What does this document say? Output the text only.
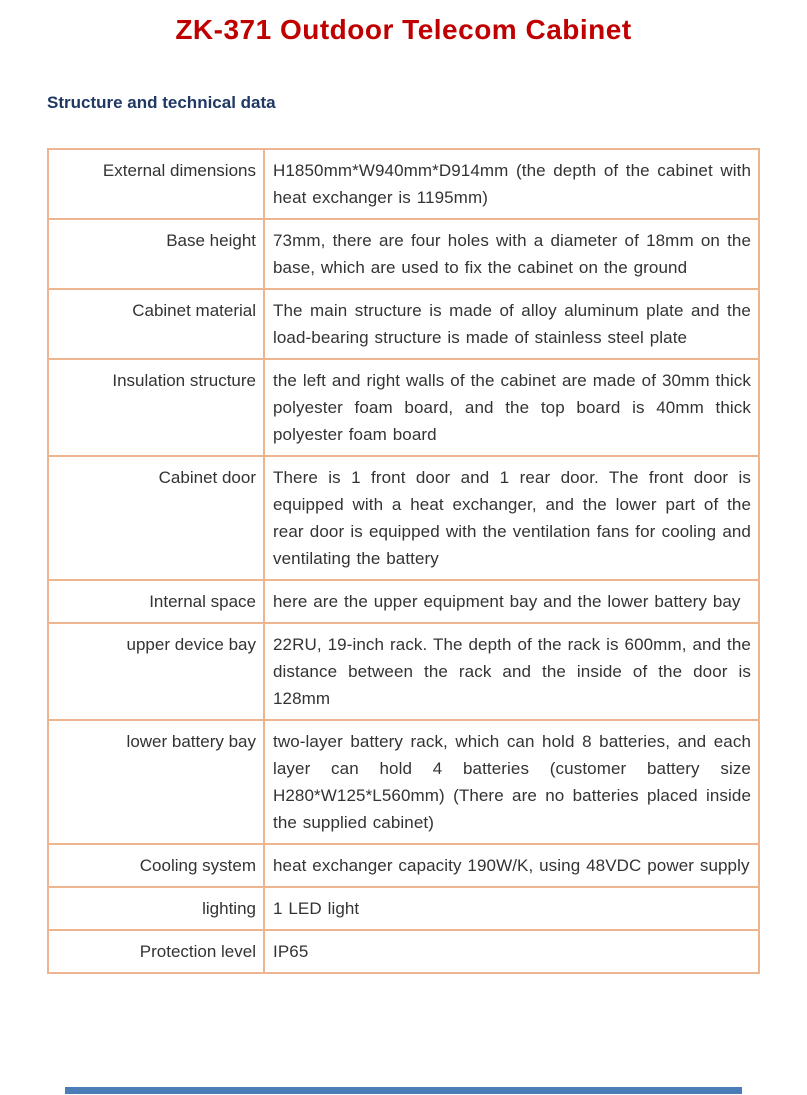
ZK-371 Outdoor Telecom Cabinet
Structure and technical data
External dimensions	H1850mm*W940mm*D914mm (the depth of the cabinet with heat exchanger is 1195mm)
Base height	73mm, there are four holes with a diameter of 18mm on the base, which are used to fix the cabinet on the ground
Cabinet material	The main structure is made of alloy aluminum plate and the load-bearing structure is made of stainless steel plate
Insulation structure	the left and right walls of the cabinet are made of 30mm thick polyester foam board, and the top board is 40mm thick polyester foam board
Cabinet door	There is 1 front door and 1 rear door. The front door is equipped with a heat exchanger, and the lower part of the rear door is equipped with the ventilation fans for cooling and ventilating the battery
Internal space	here are the upper equipment bay and the lower battery bay
upper device bay	22RU, 19-inch rack. The depth of the rack is 600mm, and the distance between the rack and the inside of the door is 128mm
lower battery bay	two-layer battery rack, which can hold 8 batteries, and each layer can hold 4 batteries (customer battery size H280*W125*L560mm) (There are no batteries placed inside the supplied cabinet)
Cooling system	heat exchanger capacity 190W/K, using 48VDC power supply
lighting	1 LED light
Protection level	IP65
